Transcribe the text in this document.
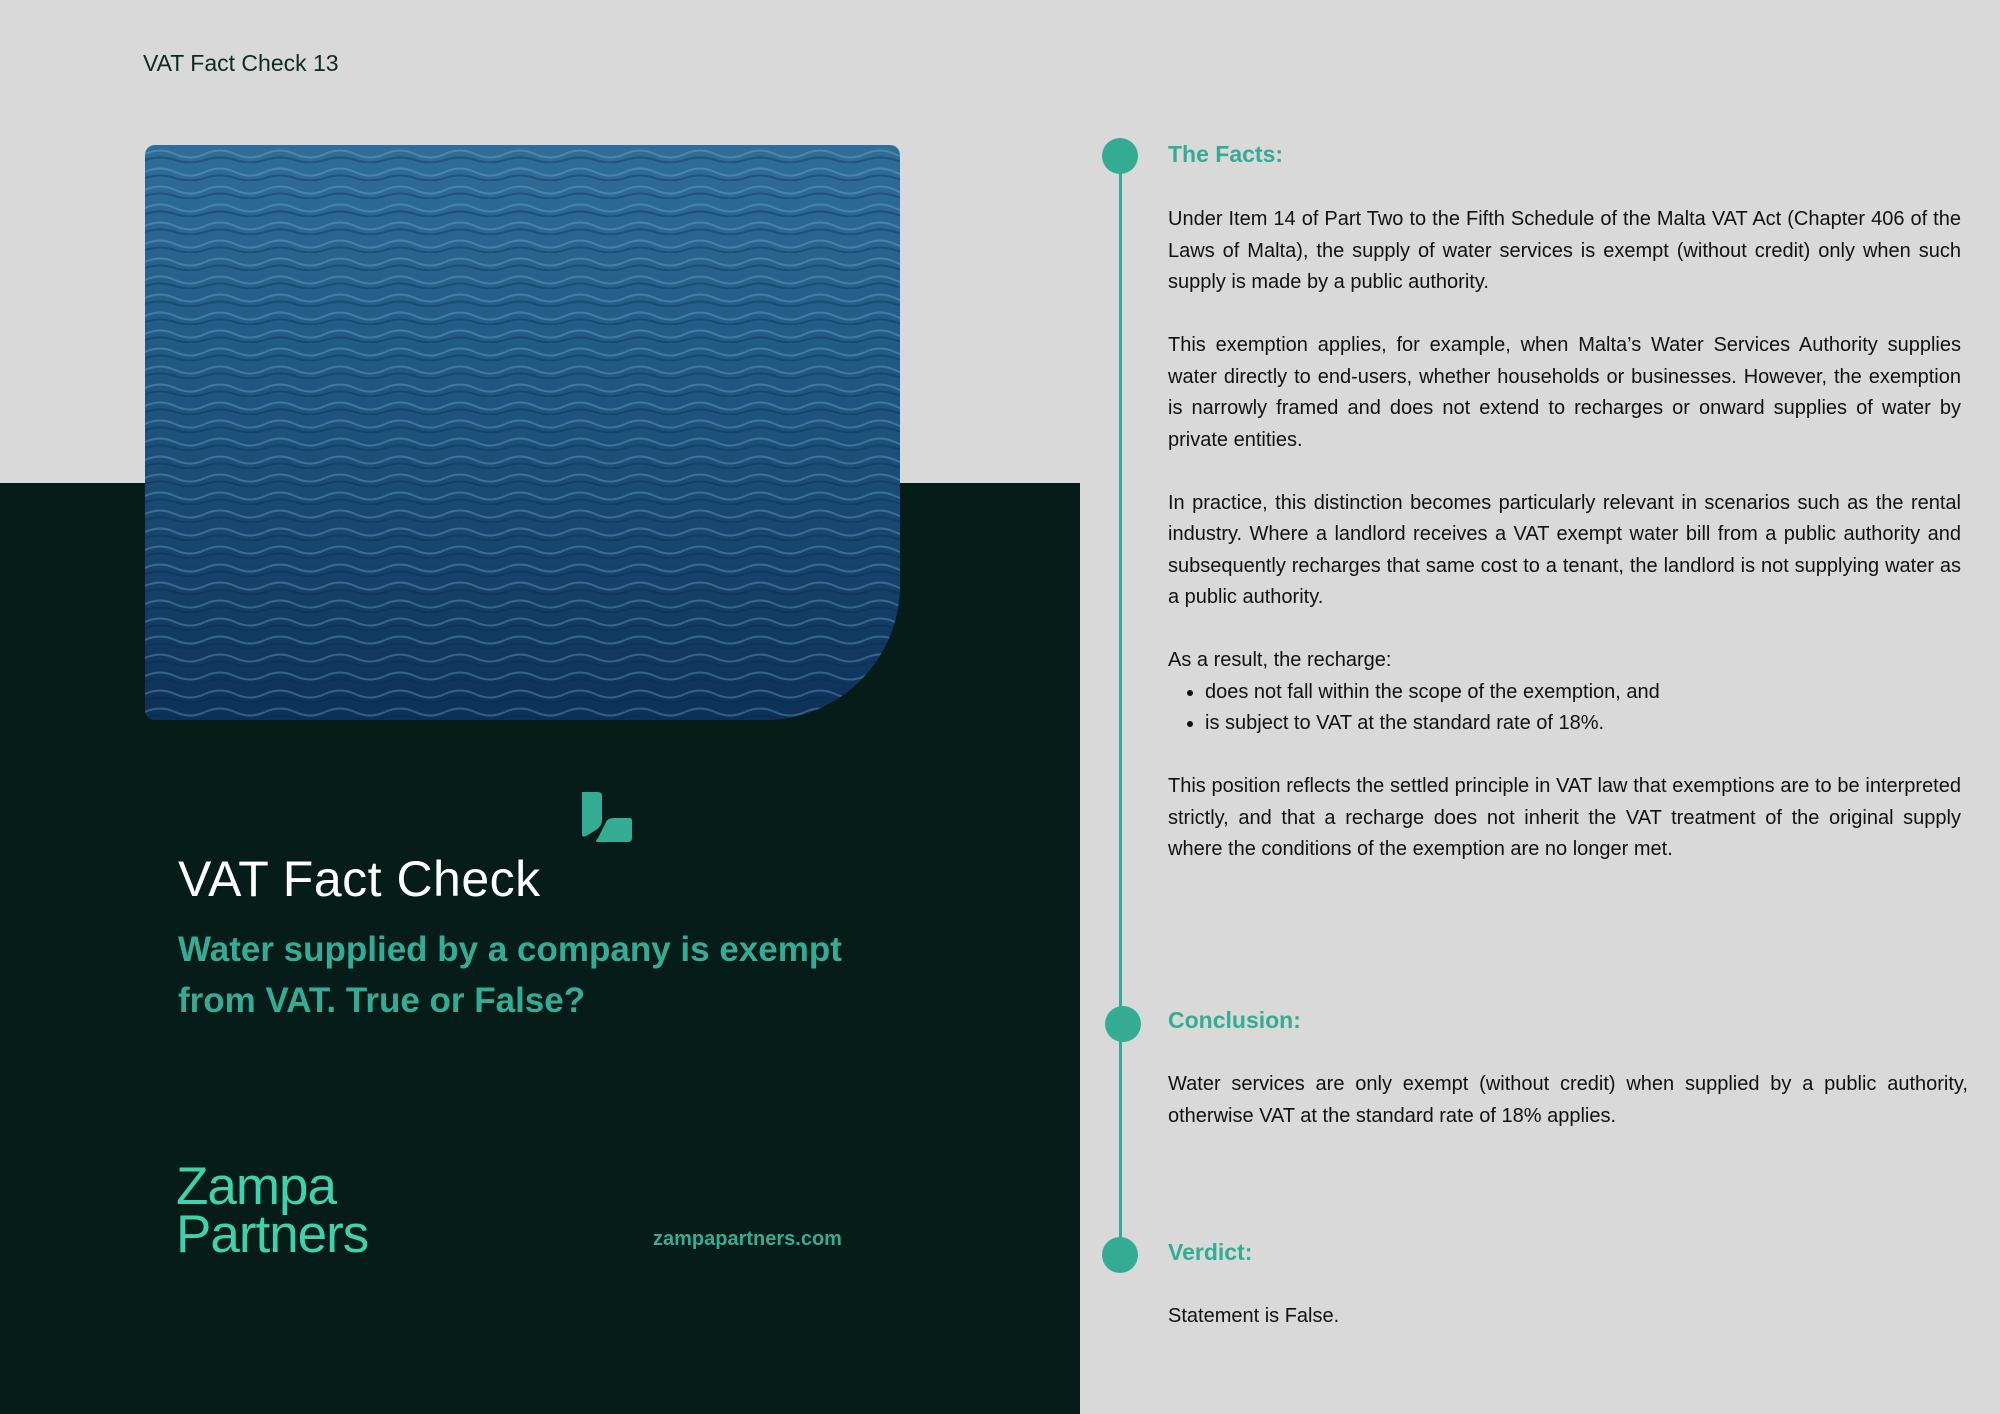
VAT Fact Check 13
VAT Fact Check
Water supplied by a company is exempt from VAT. True or False?
Zampa
Partners	zampapartners.com
The Facts:

Under Item 14 of Part Two to the Fifth Schedule of the Malta VAT Act (Chapter 406 of the Laws of Malta), the supply of water services is exempt (without credit) only when such supply is made by a public authority.

This exemption applies, for example, when Malta’s Water Services Authority supplies water directly to end-users, whether households or businesses. However, the exemption is narrowly framed and does not extend to recharges or onward supplies of water by private entities.

In practice, this distinction becomes particularly relevant in scenarios such as the rental industry. Where a landlord receives a VAT exempt water bill from a public authority and subsequently recharges that same cost to a tenant, the landlord is not supplying water as a public authority.

As a result, the recharge:

• does not fall within the scope of the exemption, and
• is subject to VAT at the standard rate of 18%.

This position reflects the settled principle in VAT law that exemptions are to be interpreted strictly, and that a recharge does not inherit the VAT treatment of the original supply where the conditions of the exemption are no longer met.

Conclusion:

Water services are only exempt (without credit) when supplied by a public authority, otherwise VAT at the standard rate of 18% applies.

Verdict:

Statement is False.
